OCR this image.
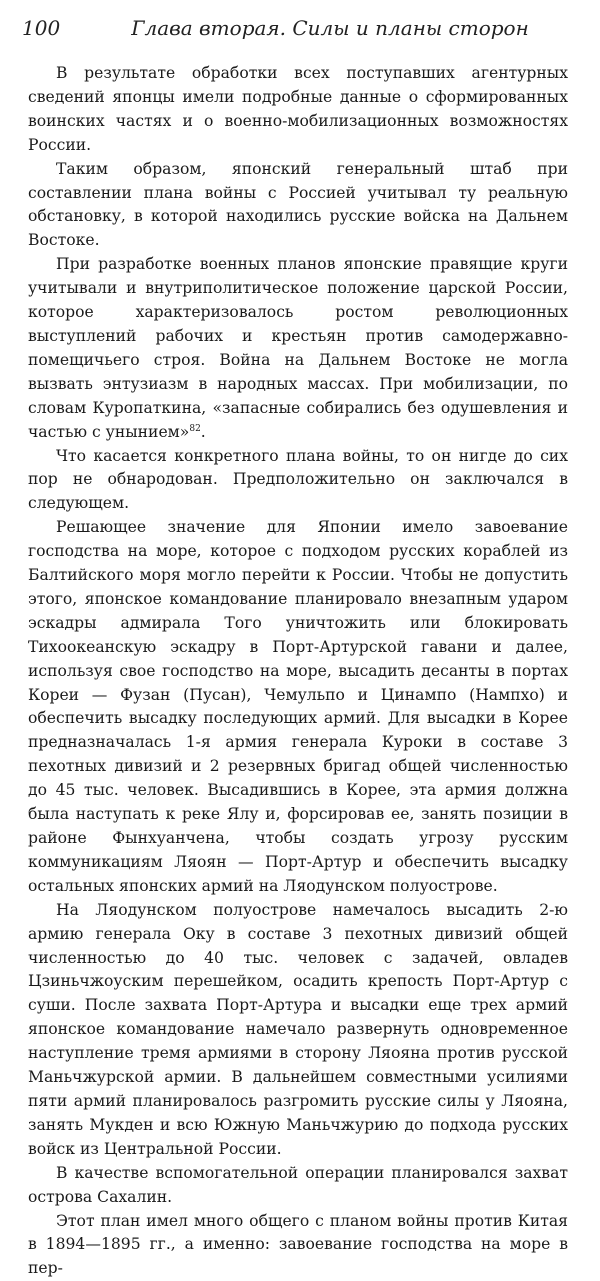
100	Глава вторая. Силы и планы сторон

В результате обработки всех поступавших агентурных сведений японцы имели подробные данные о сформированных воинских частях и о военно-мобилизационных возможностях России.

Таким образом, японский генеральный штаб при составлении плана войны с Россией учитывал ту реальную обстановку, в которой находились русские войска на Дальнем Востоке.

При разработке военных планов японские правящие круги учитывали и внутриполитическое положение царской России, которое характеризовалось ростом революционных выступлений рабочих и крестьян против самодержавно-помещичьего строя. Война на Дальнем Востоке не могла вызвать энтузиазм в народных массах. При мобилизации, по словам Куропаткина, «запасные собирались без одушевления и частью с унынием»$^{82}$.

Что касается конкретного плана войны, то он нигде до сих пор не обнародован. Предположительно он заключался в следующем.

Решающее значение для Японии имело завоевание господства на море, которое с подходом русских кораблей из Балтийского моря могло перейти к России. Чтобы не допустить этого, японское командование планировало внезапным ударом эскадры адмирала Того уничтожить или блокировать Тихоокеанскую эскадру в Порт-Артурской гавани и далее, используя свое господство на море, высадить десанты в портах Кореи — Фузан (Пусан), Чемульпо и Цинампо (Нампхо) и обеспечить высадку последующих армий. Для высадки в Корее предназначалась 1-я армия генерала Куроки в составе 3 пехотных дивизий и 2 резервных бригад общей численностью до 45 тыс. человек. Высадившись в Корее, эта армия должна была наступать к реке Ялу и, форсировав ее, занять позиции в районе Фынхуанчена, чтобы создать угрозу русским коммуникациям Ляоян — Порт-Артур и обеспечить высадку остальных японских армий на Ляодунском полуострове.

На Ляодунском полуострове намечалось высадить 2-ю армию генерала Оку в составе 3 пехотных дивизий общей численностью до 40 тыс. человек с задачей, овладев Цзиньчжоуским перешейком, осадить крепость Порт-Артур с суши. После захвата Порт-Артура и высадки еще трех армий японское командование намечало развернуть одновременное наступление тремя армиями в сторону Ляояна против русской Маньчжурской армии. В дальнейшем совместными усилиями пяти армий планировалось разгромить русские силы у Ляояна, занять Мукден и всю Южную Маньчжурию до подхода русских войск из Центральной России.

В качестве вспомогательной операции планировался захват острова Сахалин.

Этот план имел много общего с планом войны против Китая в 1894—1895 гг., а именно: завоевание господства на море в пер-
